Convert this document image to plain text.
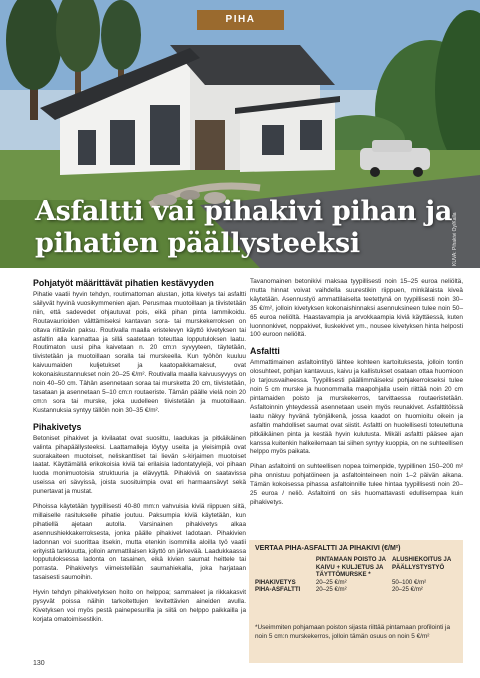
PIHA
Asfaltti vai pihakivi pihan ja pihatien päällysteeksi	KUVA: Pihakivi Oy/Kalla
Pohjatyöt määrittävät pihatien kestävyyden

Pihatie vaatii hyvin tehdyn, routimattoman alustan, jotta kivetys tai asfaltti säilyvät hyvinä vuosikymmenien ajan. Perusmaa muotoillaan ja tiivistetään niin, että sadevedet ohjautuvat pois, eikä pihan pinta lammikoidu. Routavaurioiden välttämiseksi kantavan sora- tai murskekerroksen on oltava riittävän paksu. Routivalla maalla eristelevyn käyttö kivetyksen tai asfaltin alla kannattaa ja sillä saatetaan toteuttaa lopputuloksen laatu. Routimaton uusi piha kaivetaan n. 20 cm:n syvyyteen, täytetään, tiivistetään ja muotoillaan soralla tai murskeella. Kun työhön kuuluu kaivuumaiden kuljetukset ja kaatopaikkamaksut, ovat kokonaiskustannukset noin 20–25 €/m². Routivalla maalla kaivuusyvyys on noin 40–50 cm. Tähän asennetaan soraa tai mursketta 20 cm, tiivistetään, tasataan ja asennetaan 5–10 cm:n routaeriste. Tämän päälle vielä noin 20 cm:n sora tai murske, joka uudelleen tiivistetään ja muotoillaan. Kustannuksia syntyy tällöin noin 30–35 €/m².

Pihakivetys

Betoniset pihakivet ja kivilaatat ovat suosittu, laadukas ja pitkäikäinen valinta pihapäällysteeksi. Laattamalleja löytyy useita ja yleisimpiä ovat suorakaiteen muotoiset, neliskanttiset tai lievän s-kirjaimen muotoiset laatat. Käyttämällä erikokoisia kiviä tai erilaisia ladontatyylejä, voi pihaan luoda monimuotoisia struktuuria ja elävyyttä. Pihakiviä on saatavissa useissa eri sävyissä, joista suosituimpia ovat eri harmaansävyt sekä punertavat ja mustat.

Pihoissa käytetään tyypillisesti 40-80 mm:n vahvuisia kiviä riippuen siitä, millaiselle rasitukselle pihatie joutuu. Paksumpia kiviä käytetään, kun pihatiellä ajetaan autolla. Varsinainen pihakivetys alkaa asennushiekkakerroksesta, jonka päälle pihakivet ladotaan. Pihakivien ladonnan voi suorittaa itsekin, mutta etenkin isommilla aloilla työ vaatii erityistä tarkkuutta, jolloin ammattilaisen käyttö on järkevää. Laadukkaassa lopputuloksessa ladonta on tasainen, eikä kivien saumat heittele tai porrasta. Pihakivetys viimeistellään saumahiekalla, joka harjataan tasaisesti saumoihin.

Hyvin tehdyn pihakivetyksen hoito on helppoa; sammaleet ja rikkakasvit pysyvät poissa näihin tarkoitettujen levitettävien aineiden avulla. Kivetyksen voi myös pestä painepesurilla ja siitä on helppo paikkailla ja korjata omatoimisestikin.

Tavanomainen betonikivi maksaa tyypillisesti noin 15–25 euroa neliöltä, mutta hinnat voivat vaihdella suurestikin riippuen, minkälaista kiveä käytetään. Asennustyö ammattilaiselta teetettynä on tyypillisesti noin 30–35 €/m², jolloin kivetyksen kokonaishinnaksi asennuksineen tulee noin 50–65 euroa neliöltä. Haastavampia ja arvokkaampia kiviä käyttäessä, kuten luonnonkivet, noppakivet, liuskekivet ym., nousee kivetyksen hinta helposti 100 euroon neliöltä.

Asfaltti

Ammattimainen asfaltointityö lähtee kohteen kartoituksesta, jolloin tontin olosuhteet, pohjan kantavuus, kaivu ja kallistukset osataan ottaa huomioon jo tarjousvaiheessa. Tyypillisesti päällimmäiseksi pohjakerrokseksi tulee noin 5 cm murske ja huonommalla maapohjalla usein riittää noin 20 cm pintamaiden poisto ja murskekerros, tarvittaessa routaeristetään. Asfaltoinnin yhteydessä asennetaan usein myös reunakivet. Asfalttitöissä laatu näkyy hyvänä työnjälkenä, jossa kaadot on huomioitu oikein ja asfaltin mahdolliset saumat ovat siistit. Asfaltti on huolellisesti toteutettuna pitkäikäinen pinta ja kestää hyvin kulutusta. Mikäli asfaltti pääsee ajan kanssa kuitenkin halkeilemaan tai siihen syntyy kuoppia, on ne suhteellisen helppo myös paikata.

Pihan asfaltointi on suhteellisen nopea toimenpide, tyypillinen 150–200 m² piha onnistuu pohjatöineen ja asfaltointeineen noin 1–2 päivän aikana. Tämän kokoisessa pihassa asfaltoinnille tulee hintaa tyypillisesti noin 20–25 euroa / neliö. Asfaltointi on siis huomattavasti edullisempaa kuin pihakivetys.

VERTAA PIHA-ASFALTTI JA PIHAKIVI (€/M²)
	PINTAMAAN POISTO JA KAIVU + KULJETUS JA TÄYTTÖMURSKE *	ALUSHIEKOITUS JA PÄÄLLYSTYSTYÖ
PIHAKIVETYS	20–25 €/m²	50–100 €/m²
PIHA-ASFALTTI	20–25 €/m²	20–25 €/m²
*Useimmiten pohjamaan poiston sijasta riittää pintamaan profilointi ja noin 5 cm:n murskekerros, jolloin tämän osuus on noin 5 €/m²
130
